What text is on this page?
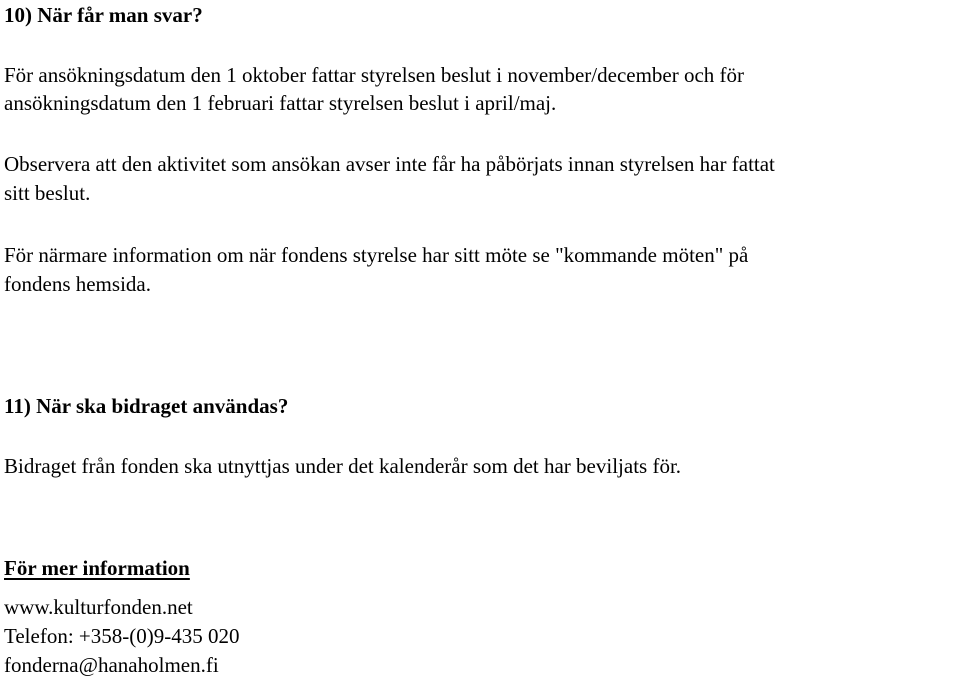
10) När får man svar?
För ansökningsdatum den 1 oktober fattar styrelsen beslut i november/december och för
ansökningsdatum den 1 februari fattar styrelsen beslut i april/maj.
Observera att den aktivitet som ansökan avser inte får ha påbörjats innan styrelsen har fattat
sitt beslut.
För närmare information om när fondens styrelse har sitt möte se "kommande möten" på
fondens hemsida.
11) När ska bidraget användas?
Bidraget från fonden ska utnyttjas under det kalenderår som det har beviljats för.
För mer information
www.kulturfonden.net
Telefon: +358-(0)9-435 020
fonderna@hanaholmen.fi
